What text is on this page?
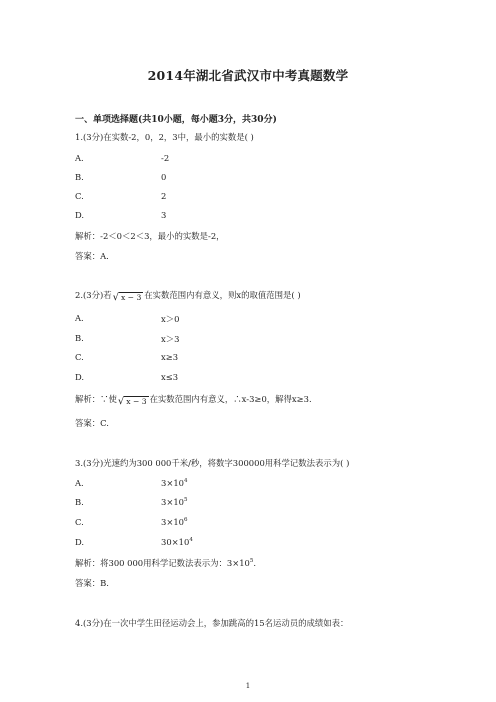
2014年湖北省武汉市中考真题数学
一、单项选择题(共10小题，每小题3分，共30分)
1.(3分)在实数-2，0，2，3中，最小的实数是( )
A.	-2
B.	0
C.	2
D.	3
解析：-2＜0＜2＜3，最小的实数是-2，
答案：A.
2.(3分)若 √ x − 3 在实数范围内有意义，则x的取值范围是( )
A.	x＞0
B.	x＞3
C.	x≥3
D.	x≤3
解析：∵使 √ x − 3 在实数范围内有意义，∴x-3≥0，解得x≥3.
答案：C.
3.(3分)光速约为300 000千米/秒，将数字300000用科学记数法表示为( )
A.	$3\times 10^4$
B.	$3\times 10^5$
C.	$3\times 10^6$
D.	$30\times 10^4$
解析：将300 000用科学记数法表示为：$3\times 10^5$.
答案：B.
4.(3分)在一次中学生田径运动会上，参加跳高的15名运动员的成绩如表：
1
